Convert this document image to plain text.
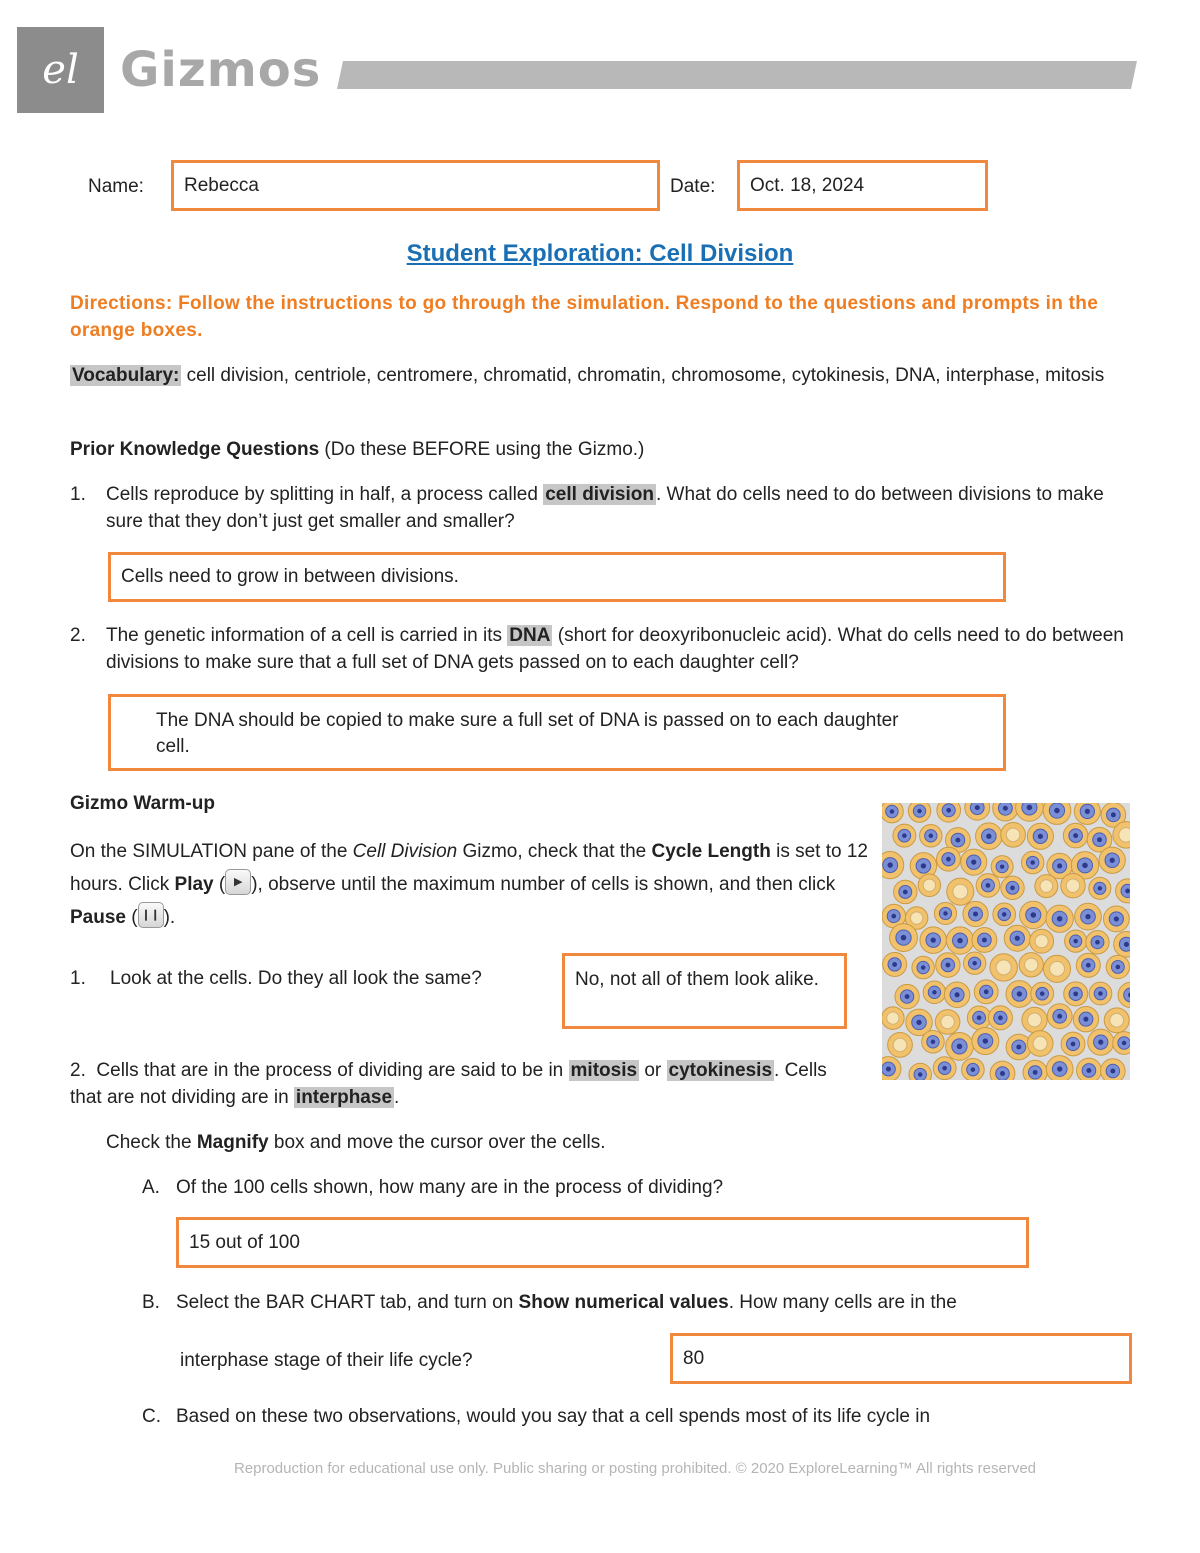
el Gizmos
Name:	Rebecca	Date:	Oct. 18, 2024
Student Exploration: Cell Division
Directions: Follow the instructions to go through the simulation. Respond to the questions and prompts in the orange boxes.
Vocabulary: cell division, centriole, centromere, chromatid, chromatin, chromosome, cytokinesis, DNA, interphase, mitosis
Prior Knowledge Questions (Do these BEFORE using the Gizmo.)
1. Cells reproduce by splitting in half, a process called cell division . What do cells need to do between divisions to make sure that they don’t just get smaller and smaller?
Cells need to grow in between divisions.
2. The genetic information of a cell is carried in its DNA (short for deoxyribonucleic acid). What do cells need to do between divisions to make sure that a full set of DNA gets passed on to each daughter cell?
The DNA should be copied to make sure a full set of DNA is passed on to each daughter cell.
Gizmo Warm-up
On the SIMULATION pane of the Cell Division Gizmo, check that the Cycle Length is set to 12 hours. Click Play ( ▶ ), observe until the maximum number of cells is shown, and then click Pause ( ❙❙ ).
1. Look at the cells. Do they all look the same?	No, not all of them look alike.
2. Cells that are in the process of dividing are said to be in mitosis or cytokinesis . Cells that are not dividing are in interphase .
Check the Magnify box and move the cursor over the cells.
A. Of the 100 cells shown, how many are in the process of dividing?
15 out of 100
B. Select the BAR CHART tab, and turn on Show numerical values. How many cells are in the
interphase stage of their life cycle?	80
C. Based on these two observations, would you say that a cell spends most of its life cycle in
Reproduction for educational use only. Public sharing or posting prohibited. © 2020 ExploreLearning™ All rights reserved
